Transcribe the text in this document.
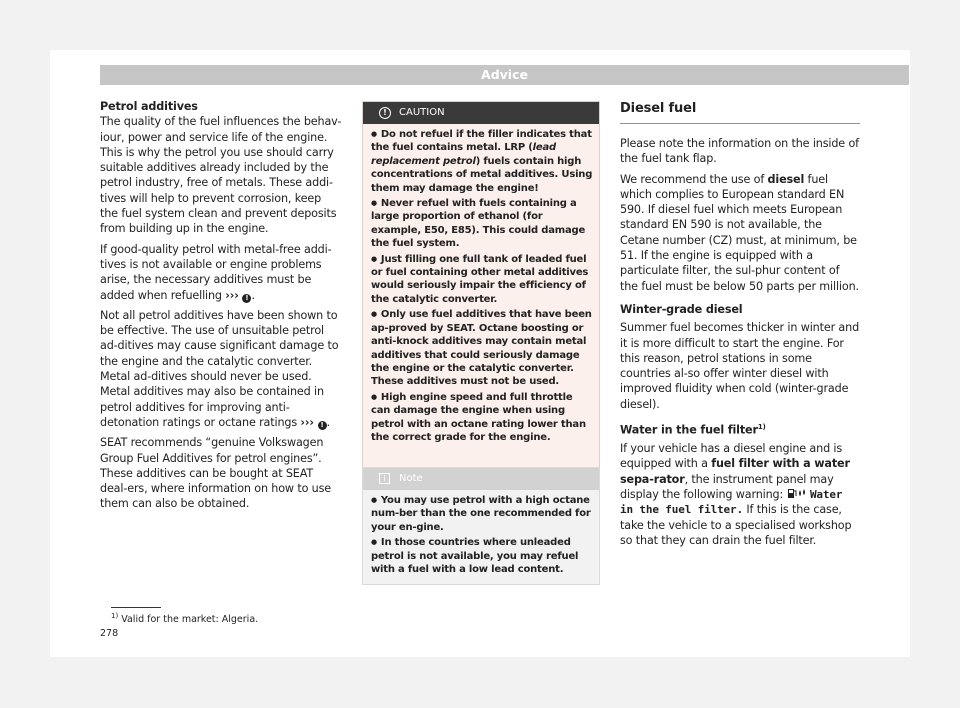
Advice

Petrol additives

The quality of the fuel influences the behav-iour, power and service life of the engine. This is why the petrol you use should carry suitable additives already included by the petrol industry, free of metals. These addi-tives will help to prevent corrosion, keep the fuel system clean and prevent deposits from building up in the engine.

If good-quality petrol with metal-free addi-tives is not available or engine problems arise, the necessary additives must be added when refuelling ››› ! .

Not all petrol additives have been shown to be effective. The use of unsuitable petrol ad-ditives may cause significant damage to the engine and the catalytic converter. Metal ad-ditives should never be used. Metal additives may also be contained in petrol additives for improving anti-detonation ratings or octane ratings ››› ! .

SEAT recommends “genuine Volkswagen Group Fuel Additives for petrol engines”. These additives can be bought at SEAT deal-ers, where information on how to use them can also be obtained.

!	CAUTION
● Do not refuel if the filler indicates that the fuel contains metal. LRP (lead replacement petrol) fuels contain high concentrations of metal additives. Using them may damage the engine!
● Never refuel with fuels containing a large proportion of ethanol (for example, E50, E85). This could damage the fuel system.
● Just filling one full tank of leaded fuel or fuel containing other metal additives would seriously impair the efficiency of the catalytic converter.
● Only use fuel additives that have been ap-proved by SEAT. Octane boosting or anti-knock additives may contain metal additives that could seriously damage the engine or the catalytic converter. These additives must not be used.
● High engine speed and full throttle can damage the engine when using petrol with an octane rating lower than the correct grade for the engine.
i	Note
● You may use petrol with a high octane num-ber than the one recommended for your en-gine.
● In those countries where unleaded petrol is not available, you may refuel with a fuel with a low lead content.
Diesel fuel

Please note the information on the inside of the fuel tank flap.

We recommend the use of diesel fuel which complies to European standard EN 590. If diesel fuel which meets European standard EN 590 is not available, the Cetane number (CZ) must, at minimum, be 51. If the engine is equipped with a particulate filter, the sul-phur content of the fuel must be below 50 parts per million.

Winter-grade diesel

Summer fuel becomes thicker in winter and it is more difficult to start the engine. For this reason, petrol stations in some countries al-so offer winter diesel with improved fluidity when cold (winter-grade diesel).

Water in the fuel filter$^{1)}$

If your vehicle has a diesel engine and is equipped with a fuel filter with a water sepa-rator, the instrument panel may display the following warning:  Water in the fuel filter. If this is the case, take the vehicle to a specialised workshop so that they can drain the fuel filter.

$^{1)}$ Valid for the market: Algeria.
278
